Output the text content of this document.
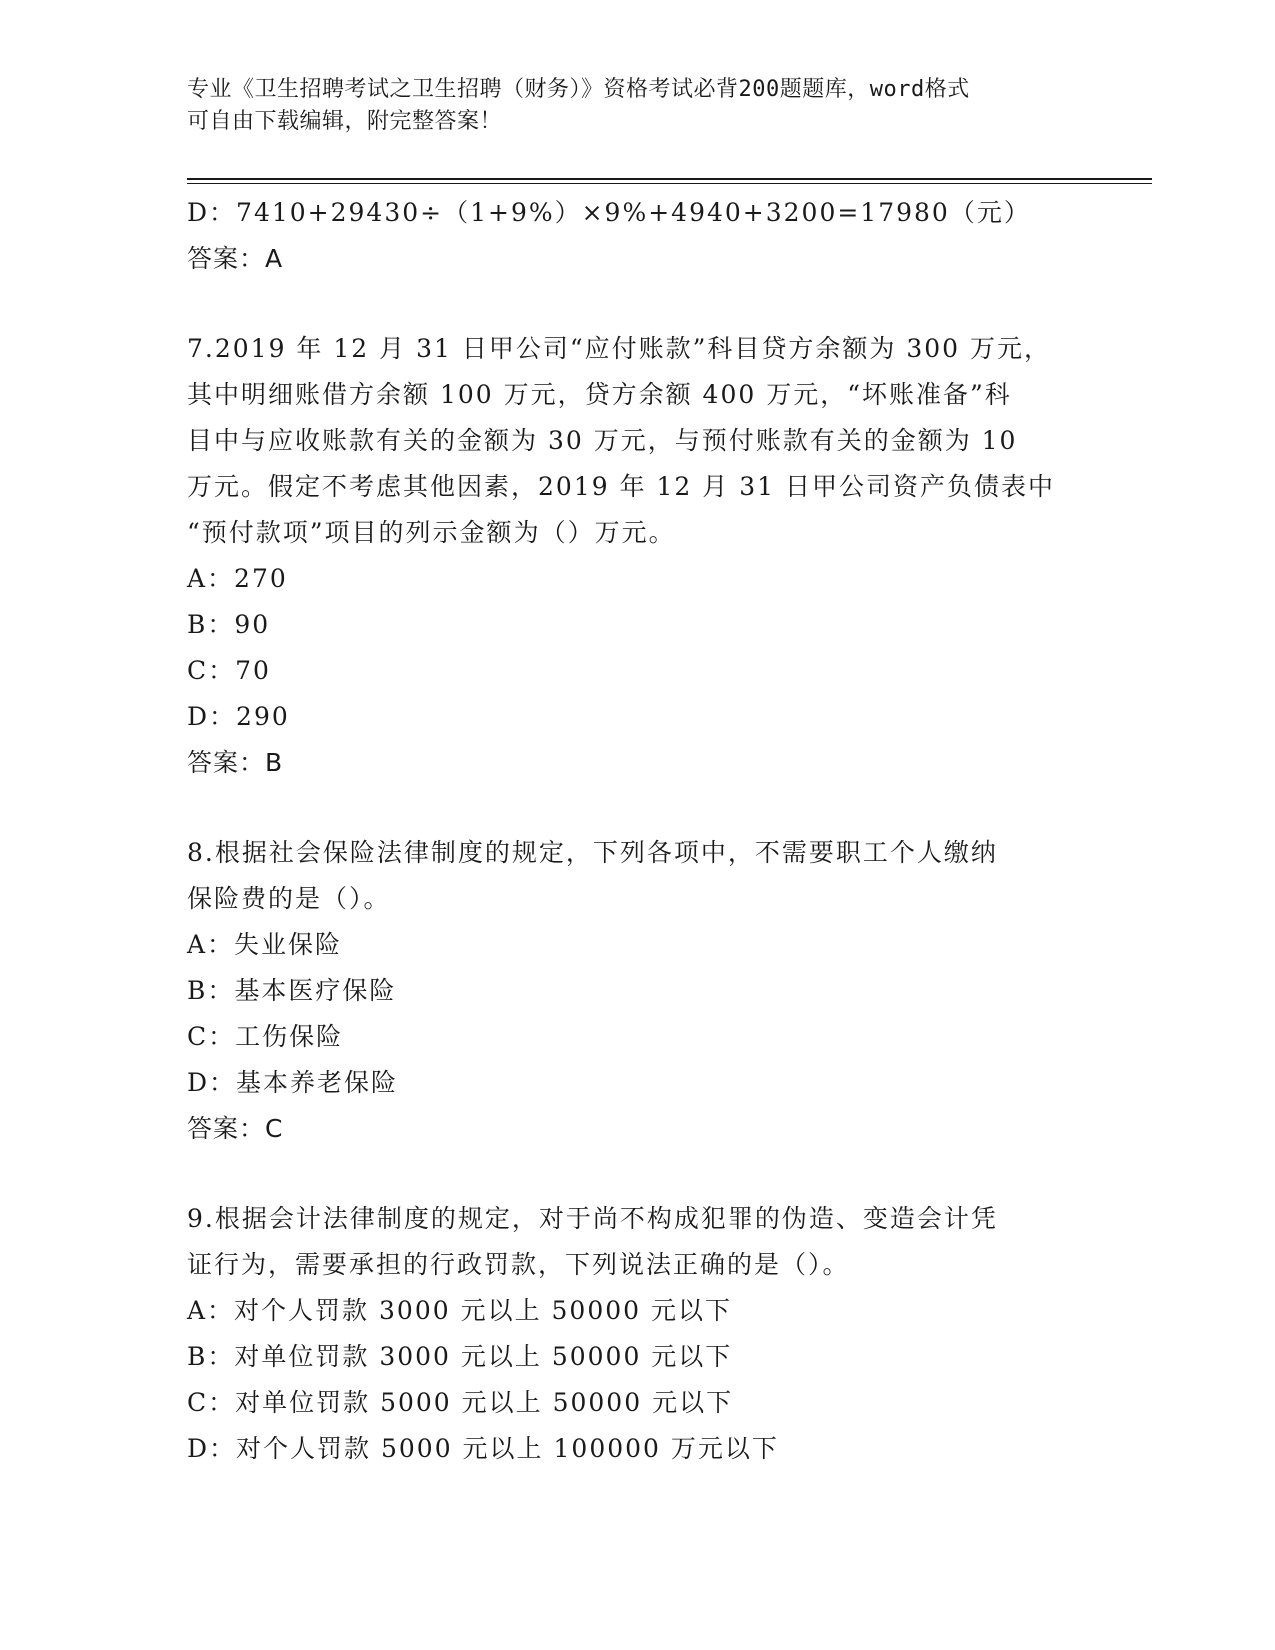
专业《卫生招聘考试之卫生招聘（财务）》资格考试必背200题题库，word格式
可自由下载编辑，附完整答案！
D：7410+29430÷（1+9%）×9%+4940+3200=17980（元）
答案：A
7.2019 年 12 月 31 日甲公司“应付账款”科目贷方余额为 300 万元，
其中明细账借方余额 100 万元，贷方余额 400 万元，“坏账准备”科
目中与应收账款有关的金额为 30 万元，与预付账款有关的金额为 10
万元。假定不考虑其他因素，2019 年 12 月 31 日甲公司资产负债表中
“预付款项”项目的列示金额为（）万元。
A：270
B：90
C：70
D：290
答案：B
8.根据社会保险法律制度的规定，下列各项中，不需要职工个人缴纳
保险费的是（）。
A：失业保险
B：基本医疗保险
C：工伤保险
D：基本养老保险
答案：C
9.根据会计法律制度的规定，对于尚不构成犯罪的伪造、变造会计凭
证行为，需要承担的行政罚款，下列说法正确的是（）。
A：对个人罚款 3000 元以上 50000 元以下
B：对单位罚款 3000 元以上 50000 元以下
C：对单位罚款 5000 元以上 50000 元以下
D：对个人罚款 5000 元以上 100000 万元以下
